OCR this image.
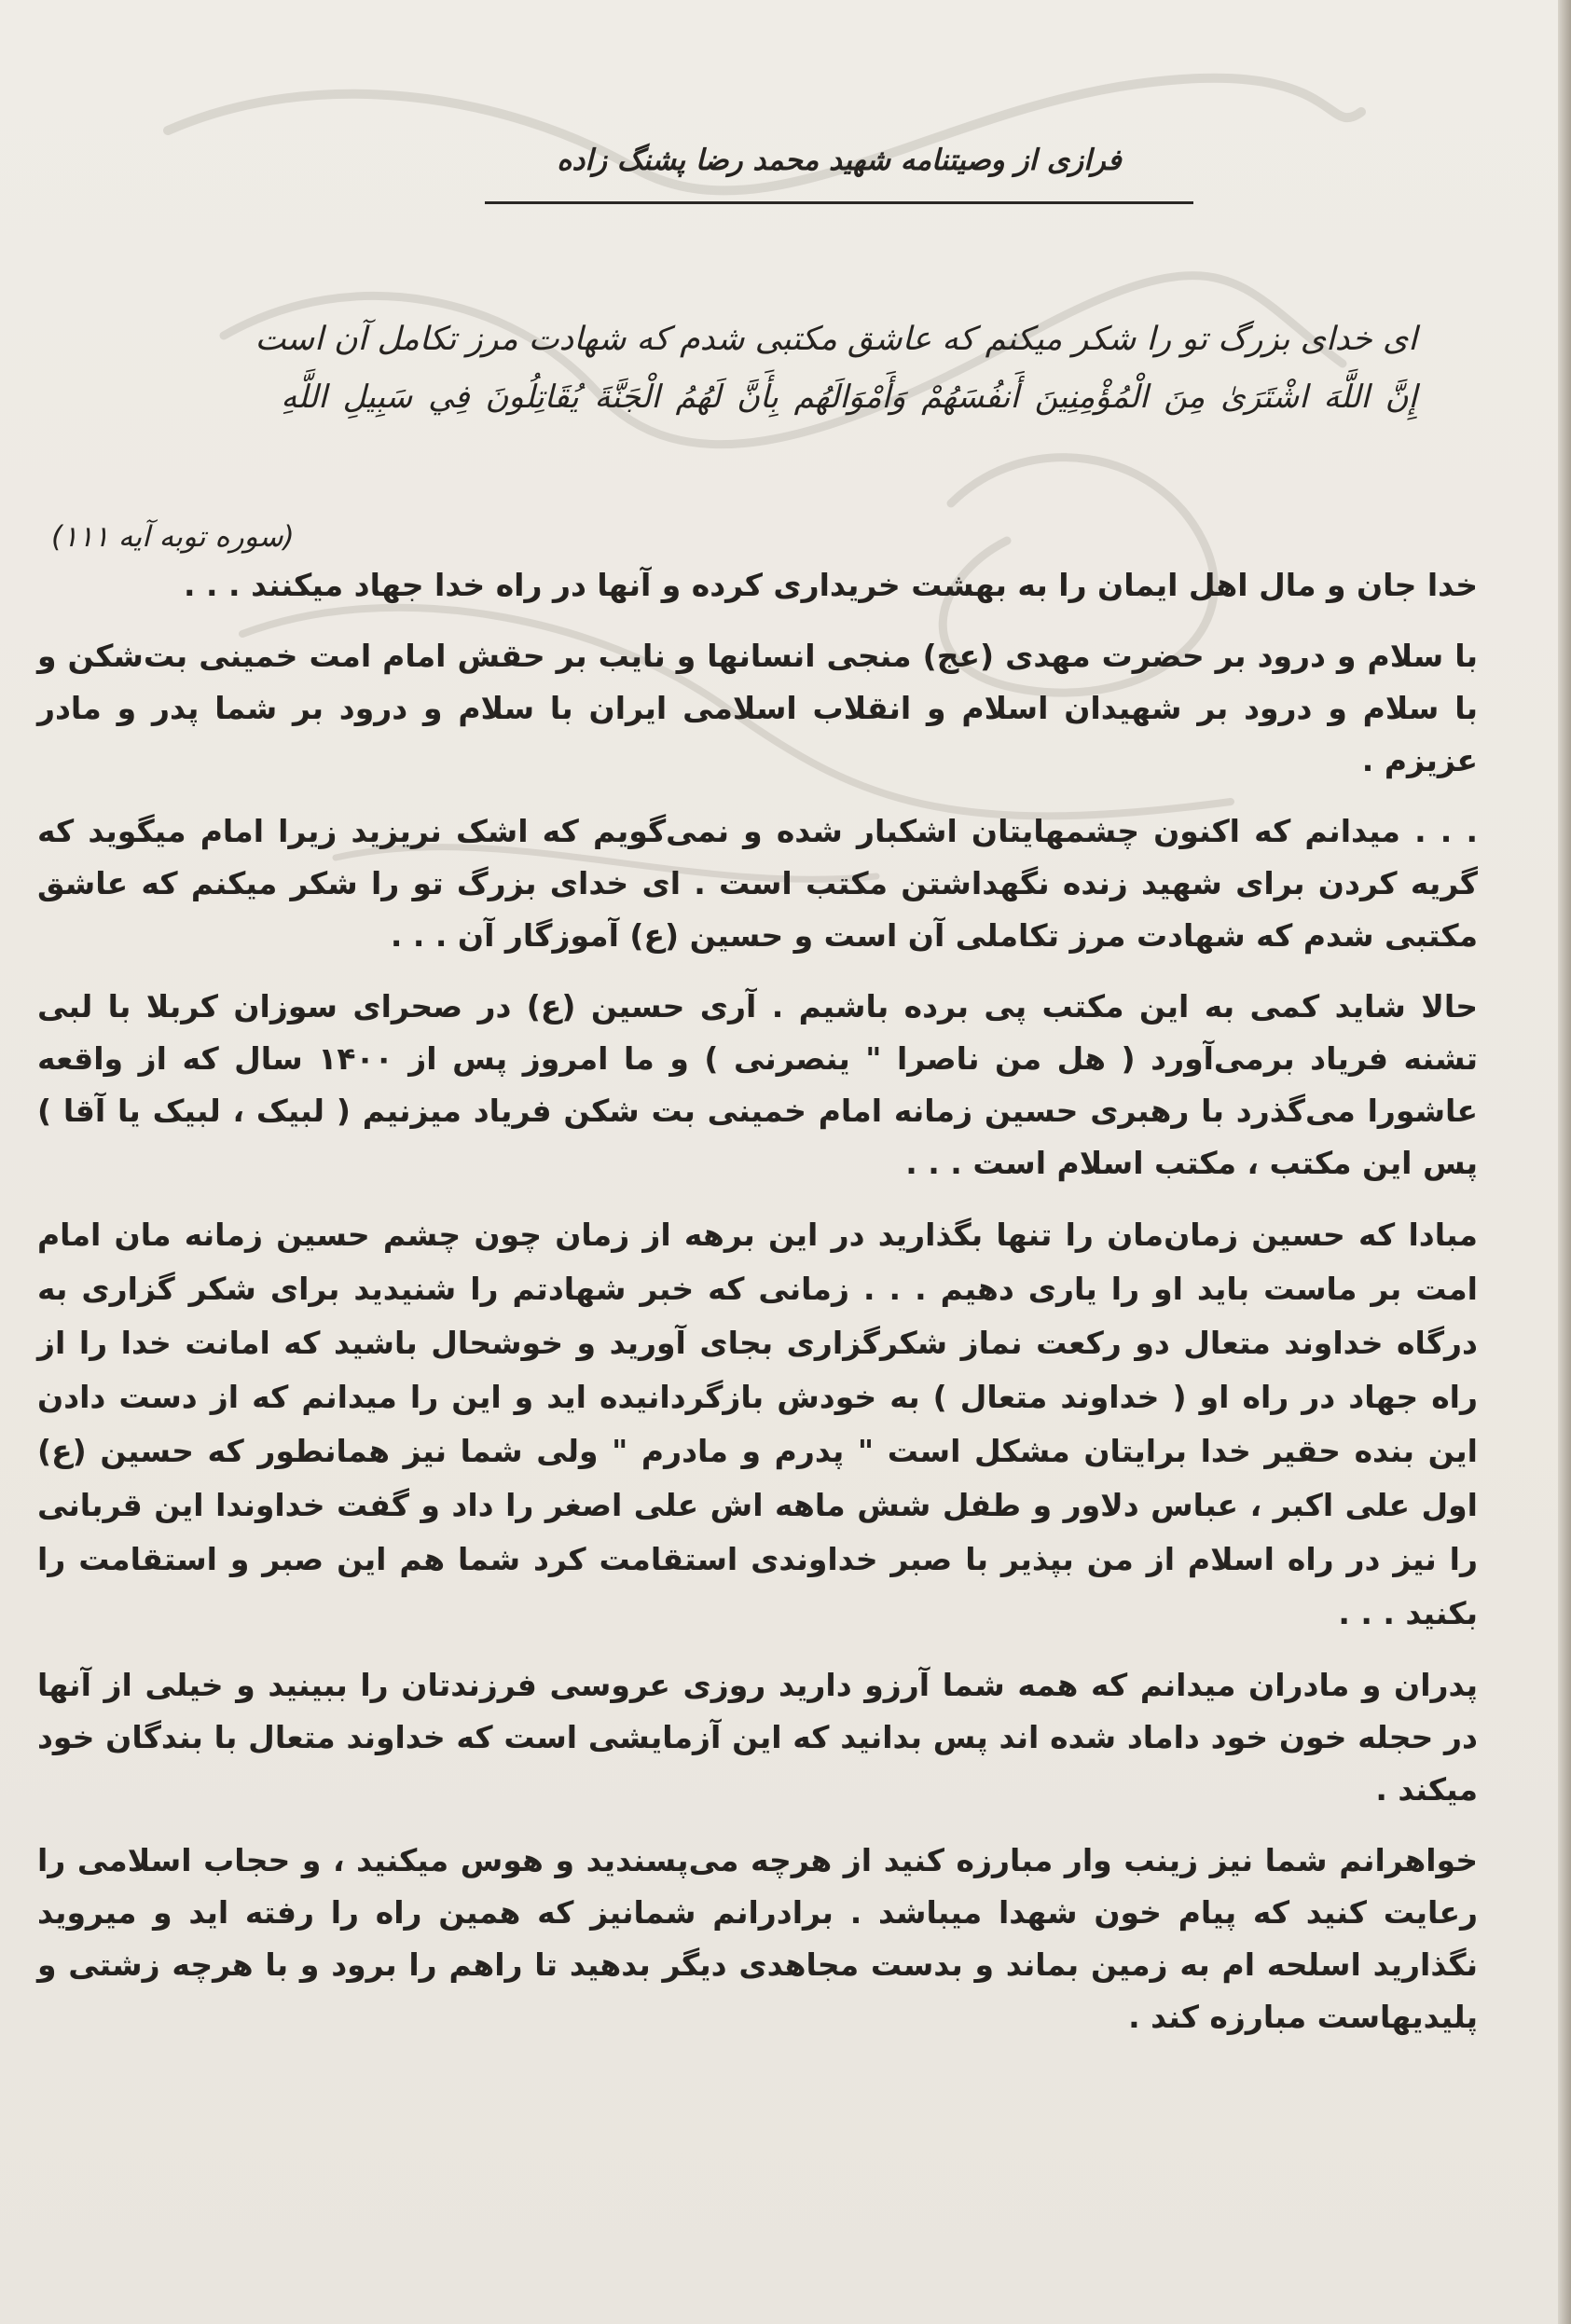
فرازی از وصیتنامه شهید محمد رضا پشنگ زاده

ای خدای بزرگ تو را شکر میکنم که عاشق مکتبی شدم که شهادت مرز تکامل آن است

إِنَّ اللَّهَ اشْتَرَىٰ مِنَ الْمُؤْمِنِينَ أَنفُسَهُمْ وَأَمْوَالَهُم بِأَنَّ لَهُمُ الْجَنَّةَ يُقَاتِلُونَ فِي سَبِيلِ اللَّهِ

(سوره توبه آیه ۱۱۱)

خدا جان و مال اهل ایمان را به بهشت خریداری کرده و آنها در راه خدا جهاد میکنند . . .

با سلام و درود بر حضرت مهدی (عج) منجی انسانها و نایب بر حقش امام امت خمینی بت‌شکن و با سلام و درود بر شهیدان اسلام و انقلاب اسلامی ایران با سلام و درود بر شما پدر و مادر عزیزم .

. . . میدانم که اکنون چشمهایتان اشکبار شده و نمی‌گویم که اشک نریزید زیرا امام میگوید که گریه کردن برای شهید زنده نگهداشتن مکتب است . ای خدای بزرگ تو را شکر میکنم که عاشق مکتبی شدم که شهادت مرز تکاملی آن است و حسین (ع) آموزگار آن . . .

حالا شاید کمی به این مکتب پی برده باشیم . آری حسین (ع) در صحرای سوزان کربلا با لبی تشنه فریاد برمی‌آورد ( هل من ناصرا " ینصرنی ) و ما امروز پس از ۱۴۰۰ سال که از واقعه عاشورا می‌گذرد با رهبری حسین زمانه امام خمینی بت شکن فریاد میزنیم ( لبیک ، لبیک یا آقا ) پس این مکتب ، مکتب اسلام است . . .

مبادا که حسین زمان‌مان را تنها بگذارید در این برهه از زمان چون چشم حسین زمانه مان امام امت بر ماست باید او را یاری دهیم . . . زمانی که خبر شهادتم را شنیدید برای شکر گزاری به درگاه خداوند متعال دو رکعت نماز شکرگزاری بجای آورید و خوشحال باشید که امانت خدا را از راه جهاد در راه او ( خداوند متعال ) به خودش بازگردانیده اید و این را میدانم که از دست دادن این بنده حقیر خدا برایتان مشکل است " پدرم و مادرم " ولی شما نیز همانطور که حسین (ع) اول علی اکبر ، عباس دلاور و طفل شش ماهه اش علی اصغر را داد و گفت خداوندا این قربانی را نیز در راه اسلام از من بپذیر با صبر خداوندی استقامت کرد شما هم این صبر و استقامت را بکنید . . .

پدران و مادران میدانم که همه شما آرزو دارید روزی عروسی فرزندتان را ببینید و خیلی از آنها در حجله خون خود داماد شده اند پس بدانید که این آزمایشی است که خداوند متعال با بندگان خود میکند .

خواهرانم شما نیز زینب وار مبارزه کنید از هرچه می‌پسندید و هوس میکنید ، و حجاب اسلامی را رعایت کنید که پیام خون شهدا میباشد . برادرانم شمانیز که همین راه را رفته اید و میروید نگذارید اسلحه ام به زمین بماند و بدست مجاهدی دیگر بدهید تا راهم را برود و با هرچه زشتی و پلیدیهاست مبارزه کند .
